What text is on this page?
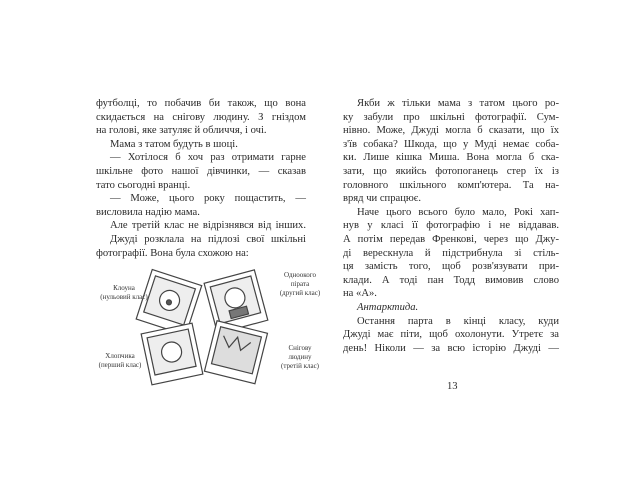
футболці, то побачив би також, що вона
скидається на снігову людину. З гніздом
на голові, яке затуляє й обличчя, і очі.
Мама з татом будуть в шоці.
— Хотілося б хоч раз отримати гарне
шкільне фото нашої дівчинки, — сказав
тато сьогодні вранці.
— Може, цього року пощастить, —
висловила надію мама.
Але третій клас не відрізнявся від інших.
Джуді розклала на підлозі свої шкільні
фотографії. Вона була схожою на:
Клоуна
(нульовий клас)
Одноокого
пірата
(другий клас)
Хлопчика
(перший клас)
Снігову
людину
(третій клас)
Якби ж тільки мама з татом цього ро-
ку забули про шкільні фотографії. Сум-
нівно. Може, Джуді могла б сказати, що їх
з'їв собака? Шкода, що у Муді немає соба-
ки. Лише кішка Миша. Вона могла б ска-
зати, що якийсь фотопоганець стер їх із
головного шкільного комп'ютера. Та на-
вряд чи спрацює.
Наче цього всього було мало, Рокі хап-
нув у класі її фотографію і не віддавав.
А потім передав Френкові, через що Джу-
ді верескнула й підстрибнула зі стіль-
ця замість того, щоб розв'язувати при-
клади. А тоді пан Тодд вимовив слово
на «А».
Антарктида.
Остання парта в кінці класу, куди
Джуді має піти, щоб охолонути. Утретє за
день! Ніколи — за всю історію Джуді —
13
